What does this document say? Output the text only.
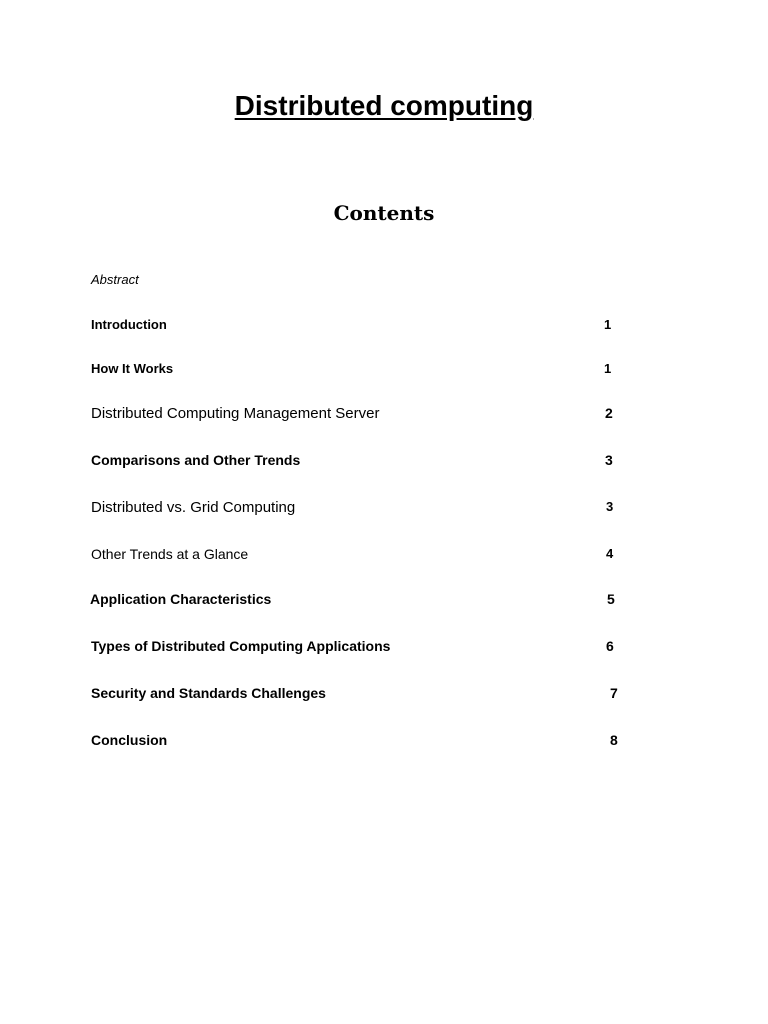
Distributed computing
Contents
Abstract
Introduction	1
How It Works	1
Distributed Computing Management Server	2
Comparisons and Other Trends	3
Distributed vs. Grid Computing	3
Other Trends at a Glance	4
Application Characteristics	5
Types of Distributed Computing Applications	6
Security and Standards Challenges	7
Conclusion	8
